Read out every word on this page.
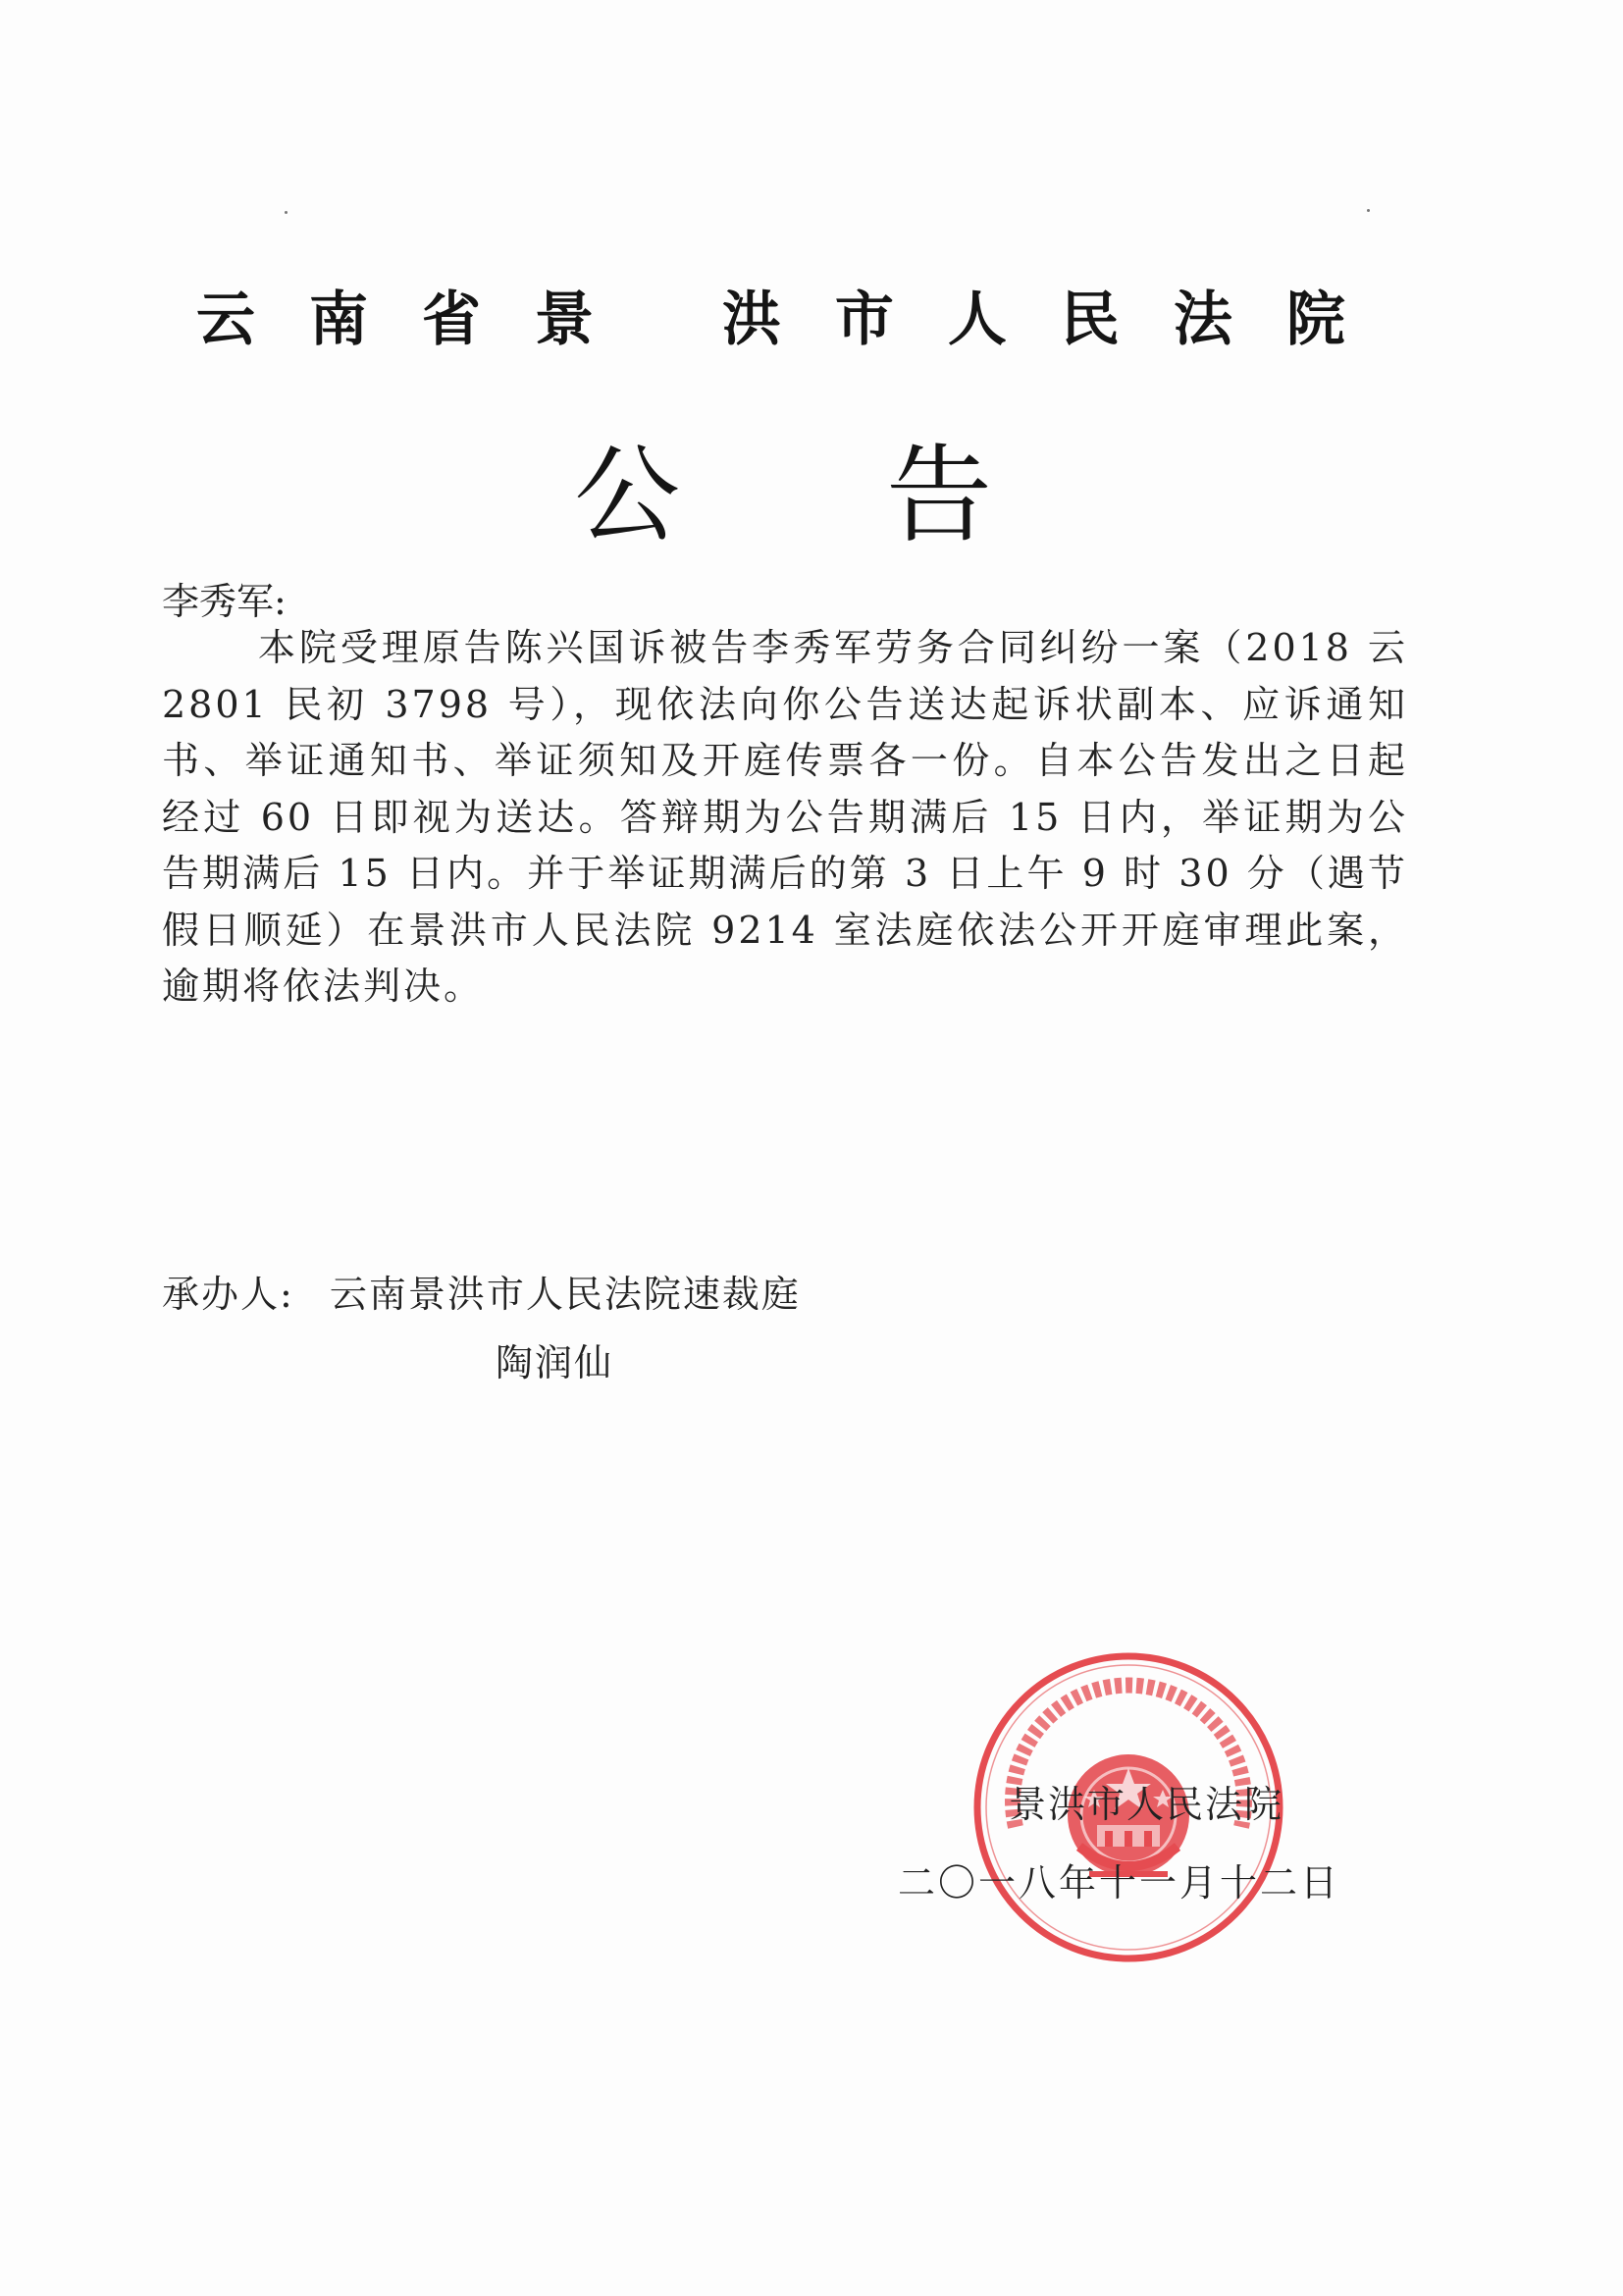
云南省景 洪市人民法院
公告
李秀军:
本院受理原告陈兴国诉被告李秀军劳务合同纠纷一案（2018 云 2801 民初 3798 号），现依法向你公告送达起诉状副本、应诉通知书、举证通知书、举证须知及开庭传票各一份。自本公告发出之日起经过 60 日即视为送达。答辩期为公告期满后 15 日内，举证期为公告期满后 15 日内。并于举证期满后的第 3 日上午 9 时 30 分（遇节假日顺延）在景洪市人民法院 9214 室法庭依法公开开庭审理此案，逾期将依法判决。
承办人: 云南景洪市人民法院速裁庭
陶润仙
景洪市人民法院
二〇一八年十一月十二日
